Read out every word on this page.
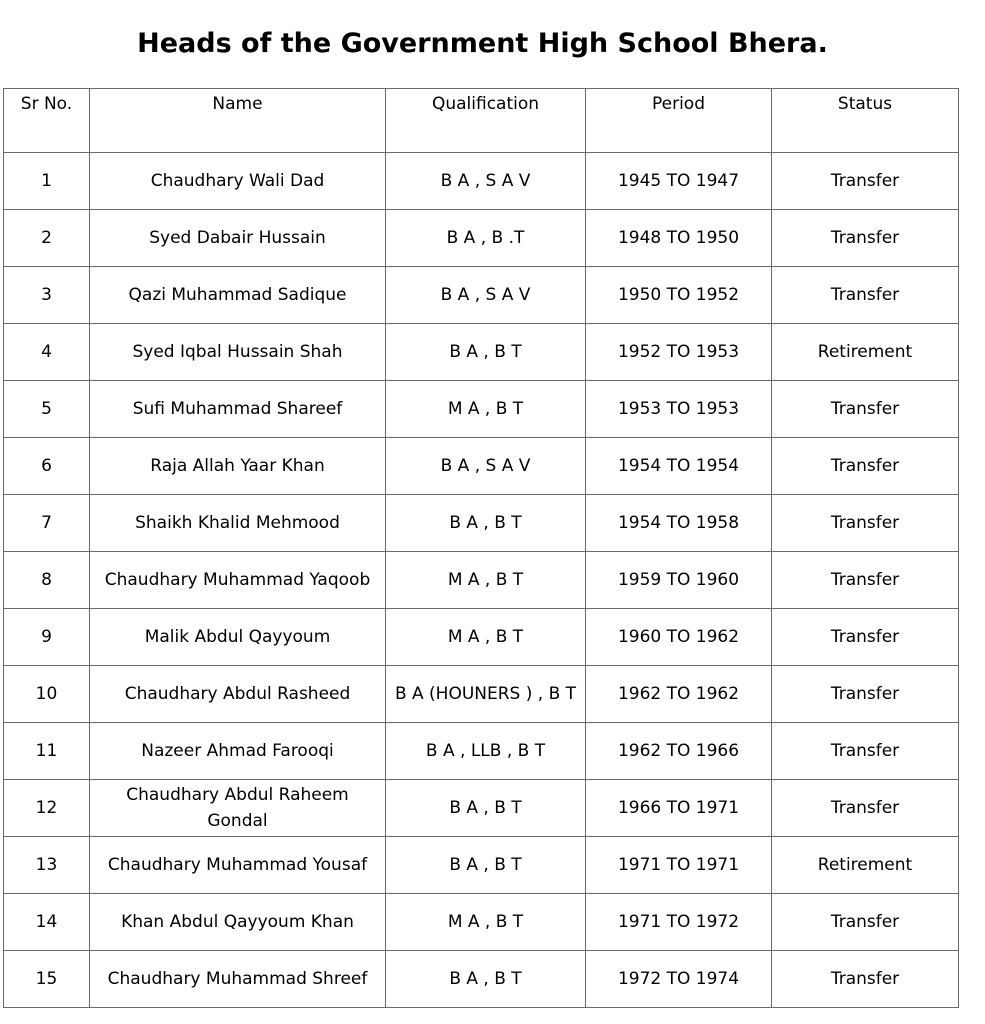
Heads of the Government High School Bhera.
Sr No.	Name	Qualification	Period	Status
1	Chaudhary Wali Dad	B A , S A V	1945 TO 1947	Transfer
2	Syed Dabair Hussain	B A , B .T	1948 TO 1950	Transfer
3	Qazi Muhammad Sadique	B A , S A V	1950 TO 1952	Transfer
4	Syed Iqbal Hussain Shah	B A , B T	1952 TO 1953	Retirement
5	Sufi Muhammad Shareef	M A , B T	1953 TO 1953	Transfer
6	Raja Allah Yaar Khan	B A , S A V	1954 TO 1954	Transfer
7	Shaikh Khalid Mehmood	B A , B T	1954 TO 1958	Transfer
8	Chaudhary Muhammad Yaqoob	M A , B T	1959 TO 1960	Transfer
9	Malik Abdul Qayyoum	M A , B T	1960 TO 1962	Transfer
10	Chaudhary Abdul Rasheed	B A (HOUNERS ) , B T	1962 TO 1962	Transfer
11	Nazeer Ahmad Farooqi	B A , LLB , B T	1962 TO 1966	Transfer
12	Chaudhary Abdul Raheem Gondal	B A , B T	1966 TO 1971	Transfer
13	Chaudhary Muhammad Yousaf	B A , B T	1971 TO 1971	Retirement
14	Khan Abdul Qayyoum Khan	M A , B T	1971 TO 1972	Transfer
15	Chaudhary Muhammad Shreef	B A , B T	1972 TO 1974	Transfer
